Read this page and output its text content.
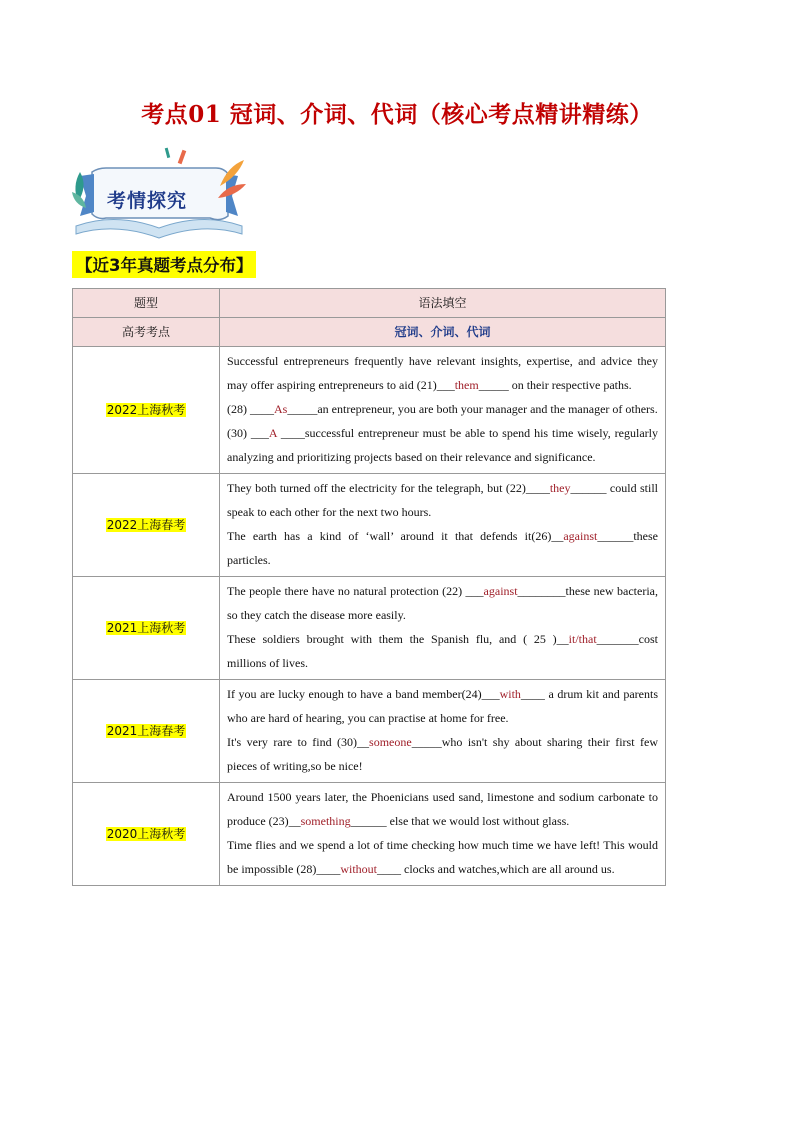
考点01 冠词、介词、代词（核心考点精讲精练）
考情探究
【近3年真题考点分布】
题型	语法填空
高考考点	冠词、介词、代词
2022上海秋考	Successful entrepreneurs frequently have relevant insights, expertise, and advice they may offer aspiring entrepreneurs to aid (21)___them_____ on their respective paths.
(28) ____As_____an entrepreneur, you are both your manager and the manager of others.
(30) ___A ____successful entrepreneur must be able to spend his time wisely, regularly analyzing and prioritizing projects based on their relevance and significance.

2022上海春考	They both turned off the electricity for the telegraph, but (22)____they______ could still speak to each other for the next two hours.
The earth has a kind of ‘wall’ around it that defends it(26)__against______these particles.

2021上海秋考	The people there have no natural protection (22) ___against________these new bacteria, so they catch the disease more easily.
These soldiers brought with them the Spanish flu, and ( 25 )__it/that_______cost millions of lives.

2021上海春考	If you are lucky enough to have a band member(24)___with____ a drum kit and parents who are hard of hearing, you can practise at home for free.
It's very rare to find (30)__someone_____who isn't shy about sharing their first few pieces of writing,so be nice!

2020上海秋考	Around 1500 years later, the Phoenicians used sand, limestone and sodium carbonate to produce (23)__something______ else that we would lost without glass.
Time flies and we spend a lot of time checking how much time we have left! This would be impossible (28)____without____ clocks and watches,which are all around us.
